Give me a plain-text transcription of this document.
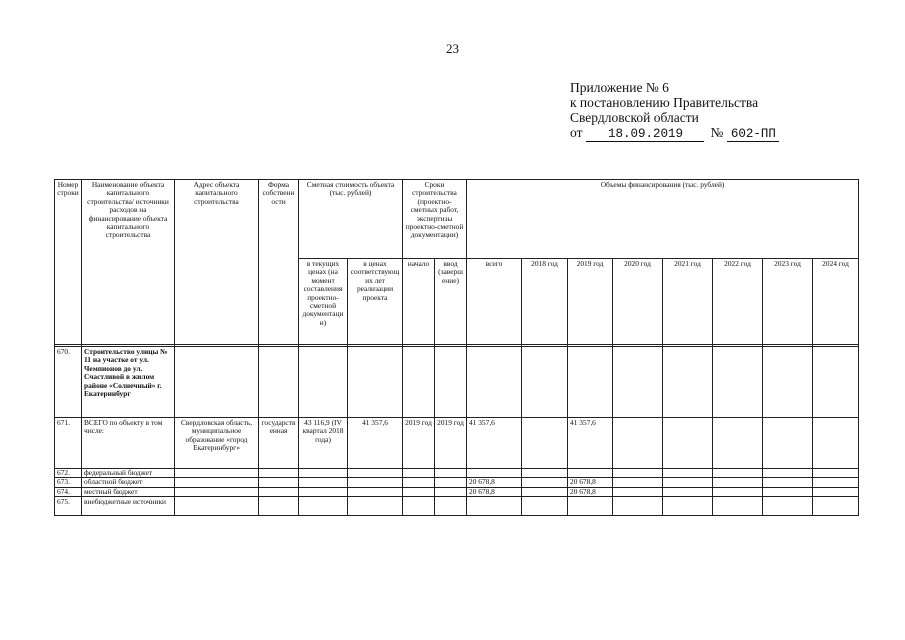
23
Приложение № 6
к постановлению Правительства
Свердловской области
от	18.09.2019	№ 602-ПП
Номер строки	Наименование объекта капитального строительства/ источники расходов на финансирование объекта капитального строительства	Адрес объекта капитального строительства	Форма собственности	Сметная стоимость объекта (тыс. рублей)		Сроки строительства (проектно-сметных работ, экспертизы проектно-сметной документации)		Объемы финансирования (тыс. рублей)							
				в текущих ценах (на момент составления проектно-сметной документации)	в ценах соответствующих лет реализации проекта	начало	ввод (завершение)	всего	2018 год	2019 год	2020 год	2021 год	2022 год	2023 год	2024 год

670.	Строительство улицы № 11 на участке от ул. Чемпионов до ул. Счастливой в жилом районе «Солнечный» г. Екатеринбург														
671.	ВСЕГО по объекту в том числе:	Свердловская область, муниципальное образование «город Екатеринбург»	государственная	43 116,9 (IV квартал 2018 года)	41 357,6	2019 год	2019 год	41 357,6		41 357,6					
672.	федеральный бюджет														
673.	областной бюджет							20 678,8		20 678,8					
674.	местный бюджет							20 678,8		20 678,8					
675.	внебюджетные источники														
